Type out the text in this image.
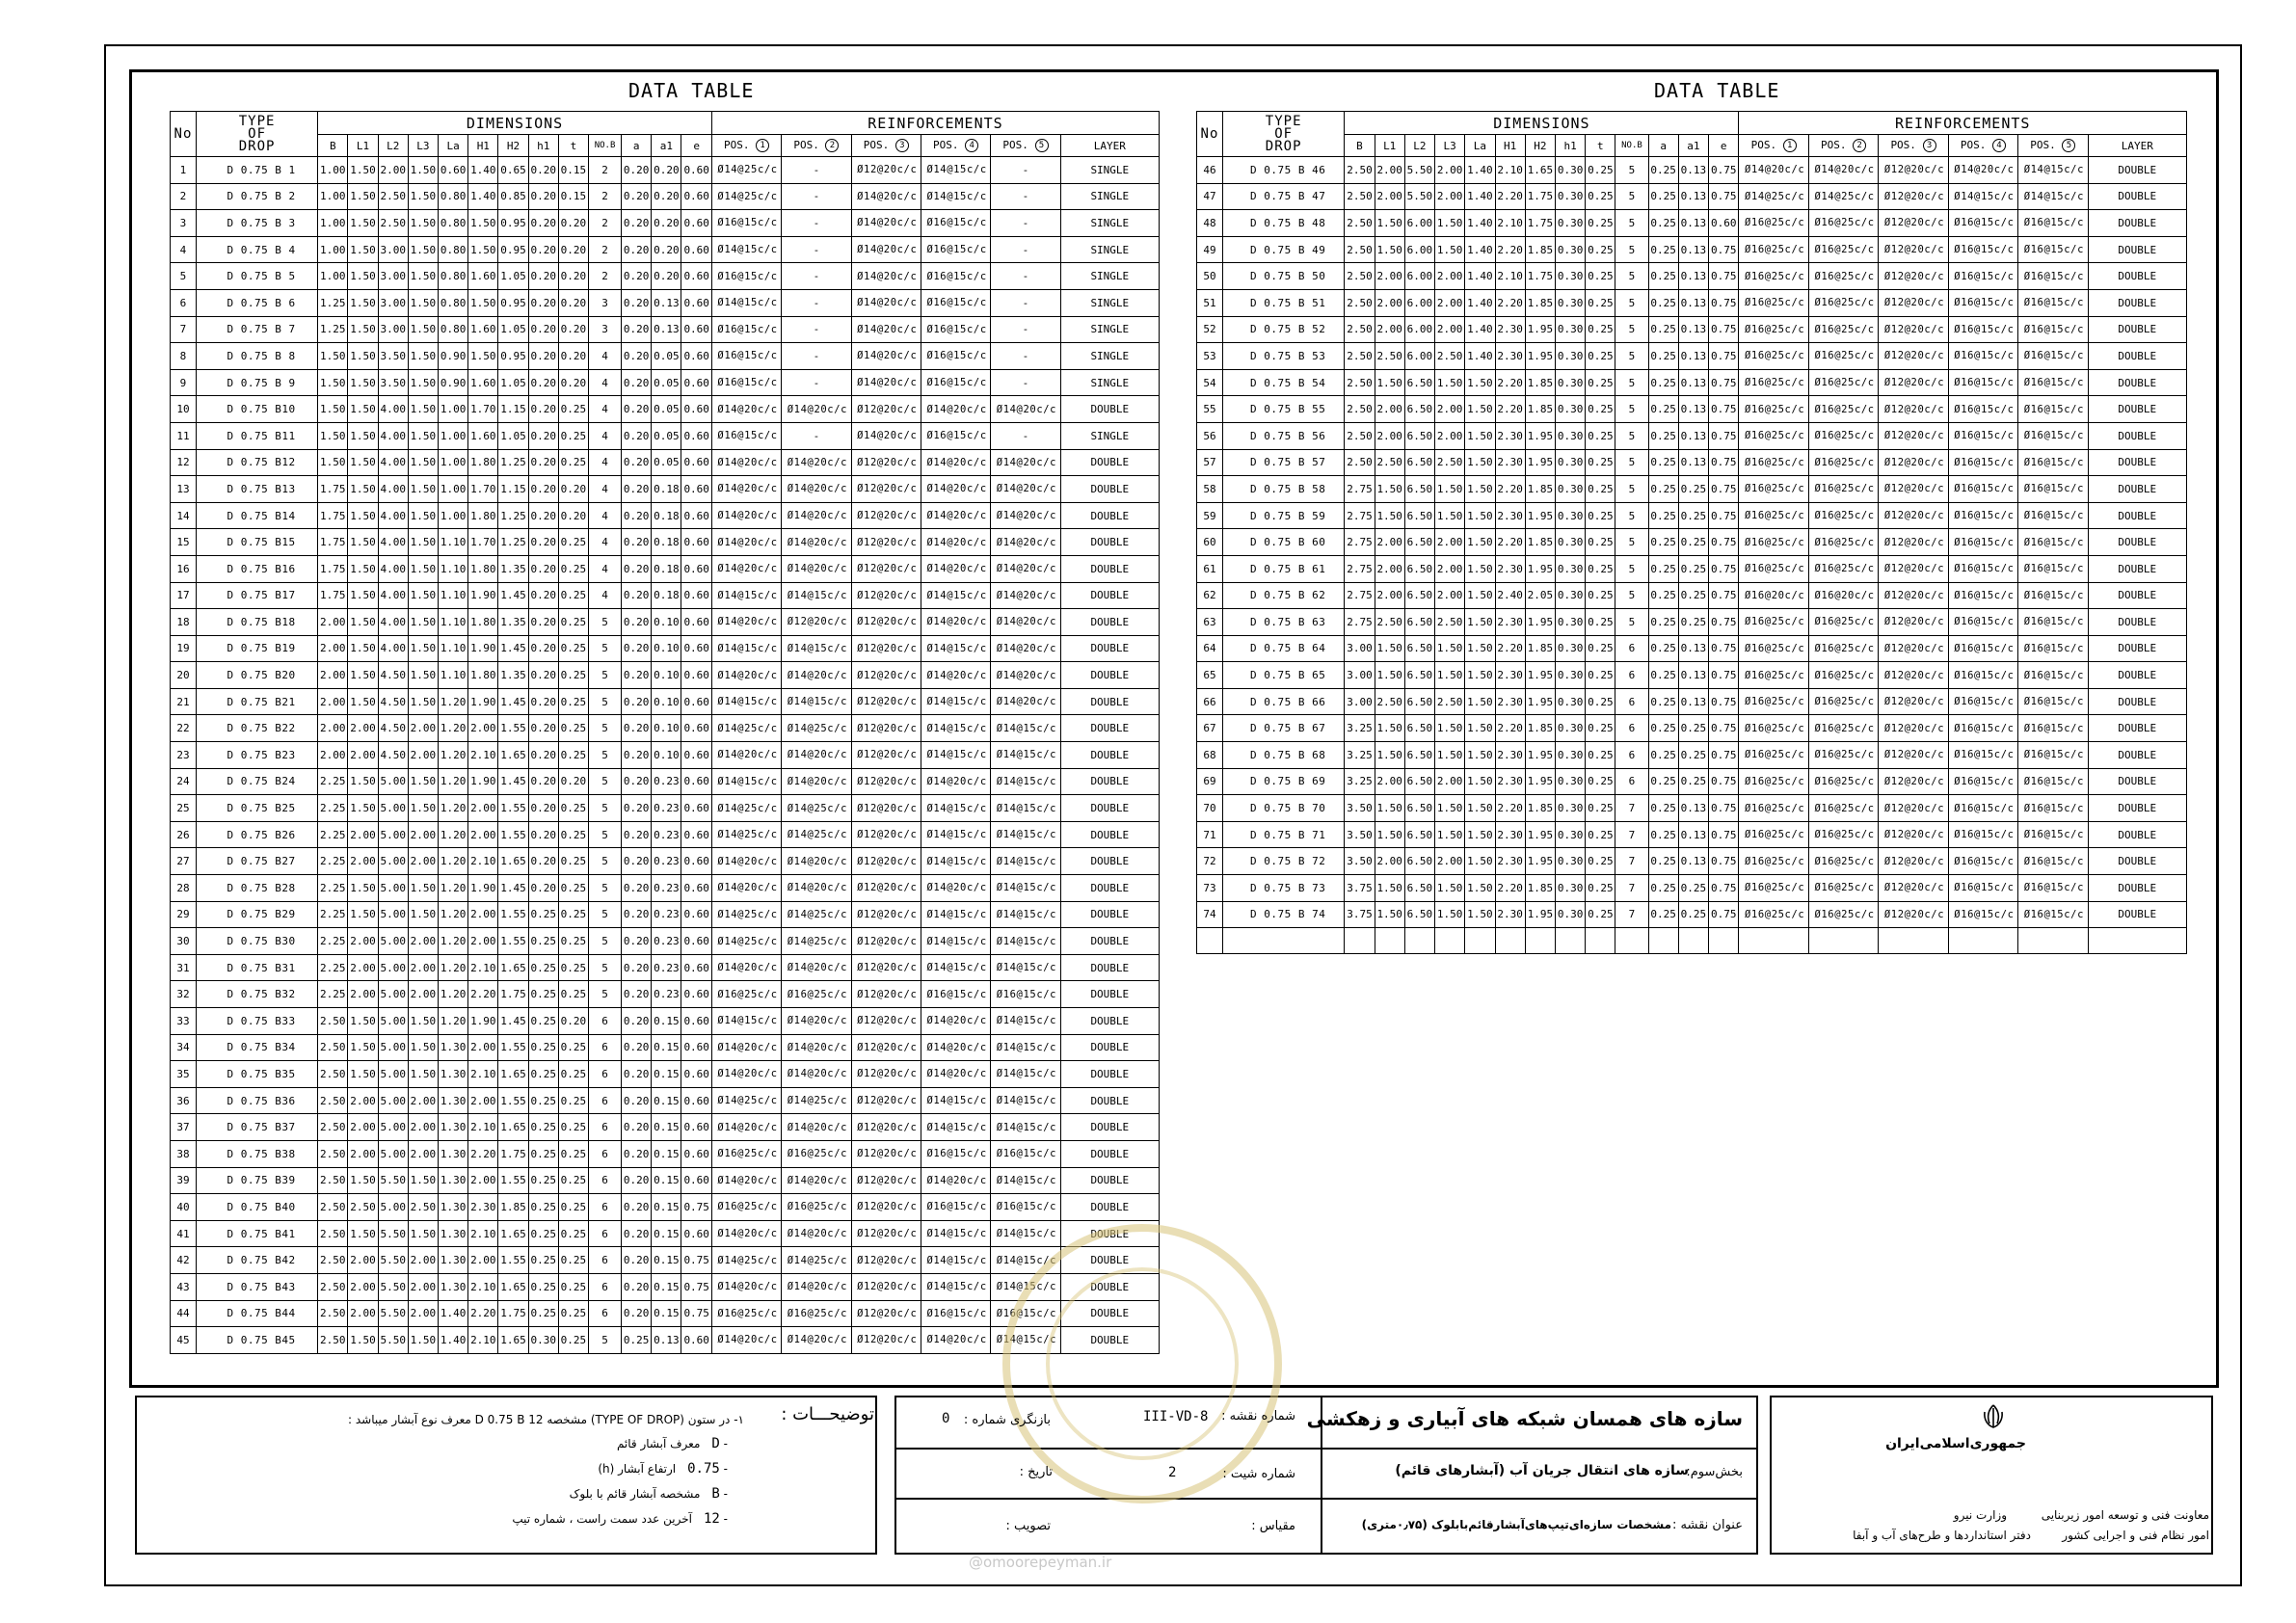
DATA TABLE	DATA TABLE
No	TYPE
OF
DROP	DIMENSIONS													REINFORCEMENTS					
		B	L1	L2	L3	La	H1	H2	h1	t	NO.B	a	a1	e	POS. 1	POS. 2	POS. 3	POS. 4	POS. 5	LAYER
1	D 0.75 B 1	1.00	1.50	2.00	1.50	0.60	1.40	0.65	0.20	0.15	2	0.20	0.20	0.60	Ø14@25c/c	-	Ø12@20c/c	Ø14@15c/c	-	SINGLE
2	D 0.75 B 2	1.00	1.50	2.50	1.50	0.80	1.40	0.85	0.20	0.15	2	0.20	0.20	0.60	Ø14@25c/c	-	Ø14@20c/c	Ø14@15c/c	-	SINGLE
3	D 0.75 B 3	1.00	1.50	2.50	1.50	0.80	1.50	0.95	0.20	0.20	2	0.20	0.20	0.60	Ø16@15c/c	-	Ø14@20c/c	Ø16@15c/c	-	SINGLE
4	D 0.75 B 4	1.00	1.50	3.00	1.50	0.80	1.50	0.95	0.20	0.20	2	0.20	0.20	0.60	Ø14@15c/c	-	Ø14@20c/c	Ø16@15c/c	-	SINGLE
5	D 0.75 B 5	1.00	1.50	3.00	1.50	0.80	1.60	1.05	0.20	0.20	2	0.20	0.20	0.60	Ø16@15c/c	-	Ø14@20c/c	Ø16@15c/c	-	SINGLE
6	D 0.75 B 6	1.25	1.50	3.00	1.50	0.80	1.50	0.95	0.20	0.20	3	0.20	0.13	0.60	Ø14@15c/c	-	Ø14@20c/c	Ø16@15c/c	-	SINGLE
7	D 0.75 B 7	1.25	1.50	3.00	1.50	0.80	1.60	1.05	0.20	0.20	3	0.20	0.13	0.60	Ø16@15c/c	-	Ø14@20c/c	Ø16@15c/c	-	SINGLE
8	D 0.75 B 8	1.50	1.50	3.50	1.50	0.90	1.50	0.95	0.20	0.20	4	0.20	0.05	0.60	Ø16@15c/c	-	Ø14@20c/c	Ø16@15c/c	-	SINGLE
9	D 0.75 B 9	1.50	1.50	3.50	1.50	0.90	1.60	1.05	0.20	0.20	4	0.20	0.05	0.60	Ø16@15c/c	-	Ø14@20c/c	Ø16@15c/c	-	SINGLE
10	D 0.75 B10	1.50	1.50	4.00	1.50	1.00	1.70	1.15	0.20	0.25	4	0.20	0.05	0.60	Ø14@20c/c	Ø14@20c/c	Ø12@20c/c	Ø14@20c/c	Ø14@20c/c	DOUBLE
11	D 0.75 B11	1.50	1.50	4.00	1.50	1.00	1.60	1.05	0.20	0.25	4	0.20	0.05	0.60	Ø16@15c/c	-	Ø14@20c/c	Ø16@15c/c	-	SINGLE
12	D 0.75 B12	1.50	1.50	4.00	1.50	1.00	1.80	1.25	0.20	0.25	4	0.20	0.05	0.60	Ø14@20c/c	Ø14@20c/c	Ø12@20c/c	Ø14@20c/c	Ø14@20c/c	DOUBLE
13	D 0.75 B13	1.75	1.50	4.00	1.50	1.00	1.70	1.15	0.20	0.20	4	0.20	0.18	0.60	Ø14@20c/c	Ø14@20c/c	Ø12@20c/c	Ø14@20c/c	Ø14@20c/c	DOUBLE
14	D 0.75 B14	1.75	1.50	4.00	1.50	1.00	1.80	1.25	0.20	0.20	4	0.20	0.18	0.60	Ø14@20c/c	Ø14@20c/c	Ø12@20c/c	Ø14@20c/c	Ø14@20c/c	DOUBLE
15	D 0.75 B15	1.75	1.50	4.00	1.50	1.10	1.70	1.25	0.20	0.25	4	0.20	0.18	0.60	Ø14@20c/c	Ø14@20c/c	Ø12@20c/c	Ø14@20c/c	Ø14@20c/c	DOUBLE
16	D 0.75 B16	1.75	1.50	4.00	1.50	1.10	1.80	1.35	0.20	0.25	4	0.20	0.18	0.60	Ø14@20c/c	Ø14@20c/c	Ø12@20c/c	Ø14@20c/c	Ø14@20c/c	DOUBLE
17	D 0.75 B17	1.75	1.50	4.00	1.50	1.10	1.90	1.45	0.20	0.25	4	0.20	0.18	0.60	Ø14@15c/c	Ø14@15c/c	Ø12@20c/c	Ø14@15c/c	Ø14@20c/c	DOUBLE
18	D 0.75 B18	2.00	1.50	4.00	1.50	1.10	1.80	1.35	0.20	0.25	5	0.20	0.10	0.60	Ø14@20c/c	Ø12@20c/c	Ø12@20c/c	Ø14@20c/c	Ø14@20c/c	DOUBLE
19	D 0.75 B19	2.00	1.50	4.00	1.50	1.10	1.90	1.45	0.20	0.25	5	0.20	0.10	0.60	Ø14@15c/c	Ø14@15c/c	Ø12@20c/c	Ø14@15c/c	Ø14@20c/c	DOUBLE
20	D 0.75 B20	2.00	1.50	4.50	1.50	1.10	1.80	1.35	0.20	0.25	5	0.20	0.10	0.60	Ø14@20c/c	Ø14@20c/c	Ø12@20c/c	Ø14@20c/c	Ø14@20c/c	DOUBLE
21	D 0.75 B21	2.00	1.50	4.50	1.50	1.20	1.90	1.45	0.20	0.25	5	0.20	0.10	0.60	Ø14@15c/c	Ø14@15c/c	Ø12@20c/c	Ø14@15c/c	Ø14@20c/c	DOUBLE
22	D 0.75 B22	2.00	2.00	4.50	2.00	1.20	2.00	1.55	0.20	0.25	5	0.20	0.10	0.60	Ø14@25c/c	Ø14@25c/c	Ø12@20c/c	Ø14@15c/c	Ø14@15c/c	DOUBLE
23	D 0.75 B23	2.00	2.00	4.50	2.00	1.20	2.10	1.65	0.20	0.25	5	0.20	0.10	0.60	Ø14@20c/c	Ø14@20c/c	Ø12@20c/c	Ø14@15c/c	Ø14@15c/c	DOUBLE
24	D 0.75 B24	2.25	1.50	5.00	1.50	1.20	1.90	1.45	0.20	0.20	5	0.20	0.23	0.60	Ø14@15c/c	Ø14@20c/c	Ø12@20c/c	Ø14@20c/c	Ø14@15c/c	DOUBLE
25	D 0.75 B25	2.25	1.50	5.00	1.50	1.20	2.00	1.55	0.20	0.25	5	0.20	0.23	0.60	Ø14@25c/c	Ø14@25c/c	Ø12@20c/c	Ø14@15c/c	Ø14@15c/c	DOUBLE
26	D 0.75 B26	2.25	2.00	5.00	2.00	1.20	2.00	1.55	0.20	0.25	5	0.20	0.23	0.60	Ø14@25c/c	Ø14@25c/c	Ø12@20c/c	Ø14@15c/c	Ø14@15c/c	DOUBLE
27	D 0.75 B27	2.25	2.00	5.00	2.00	1.20	2.10	1.65	0.20	0.25	5	0.20	0.23	0.60	Ø14@20c/c	Ø14@20c/c	Ø12@20c/c	Ø14@15c/c	Ø14@15c/c	DOUBLE
28	D 0.75 B28	2.25	1.50	5.00	1.50	1.20	1.90	1.45	0.20	0.25	5	0.20	0.23	0.60	Ø14@20c/c	Ø14@20c/c	Ø12@20c/c	Ø14@20c/c	Ø14@15c/c	DOUBLE
29	D 0.75 B29	2.25	1.50	5.00	1.50	1.20	2.00	1.55	0.25	0.25	5	0.20	0.23	0.60	Ø14@25c/c	Ø14@25c/c	Ø12@20c/c	Ø14@15c/c	Ø14@15c/c	DOUBLE
30	D 0.75 B30	2.25	2.00	5.00	2.00	1.20	2.00	1.55	0.25	0.25	5	0.20	0.23	0.60	Ø14@25c/c	Ø14@25c/c	Ø12@20c/c	Ø14@15c/c	Ø14@15c/c	DOUBLE
31	D 0.75 B31	2.25	2.00	5.00	2.00	1.20	2.10	1.65	0.25	0.25	5	0.20	0.23	0.60	Ø14@20c/c	Ø14@20c/c	Ø12@20c/c	Ø14@15c/c	Ø14@15c/c	DOUBLE
32	D 0.75 B32	2.25	2.00	5.00	2.00	1.20	2.20	1.75	0.25	0.25	5	0.20	0.23	0.60	Ø16@25c/c	Ø16@25c/c	Ø12@20c/c	Ø16@15c/c	Ø16@15c/c	DOUBLE
33	D 0.75 B33	2.50	1.50	5.00	1.50	1.20	1.90	1.45	0.25	0.20	6	0.20	0.15	0.60	Ø14@15c/c	Ø14@20c/c	Ø12@20c/c	Ø14@20c/c	Ø14@15c/c	DOUBLE
34	D 0.75 B34	2.50	1.50	5.00	1.50	1.30	2.00	1.55	0.25	0.25	6	0.20	0.15	0.60	Ø14@20c/c	Ø14@20c/c	Ø12@20c/c	Ø14@20c/c	Ø14@15c/c	DOUBLE
35	D 0.75 B35	2.50	1.50	5.00	1.50	1.30	2.10	1.65	0.25	0.25	6	0.20	0.15	0.60	Ø14@20c/c	Ø14@20c/c	Ø12@20c/c	Ø14@20c/c	Ø14@15c/c	DOUBLE
36	D 0.75 B36	2.50	2.00	5.00	2.00	1.30	2.00	1.55	0.25	0.25	6	0.20	0.15	0.60	Ø14@25c/c	Ø14@25c/c	Ø12@20c/c	Ø14@15c/c	Ø14@15c/c	DOUBLE
37	D 0.75 B37	2.50	2.00	5.00	2.00	1.30	2.10	1.65	0.25	0.25	6	0.20	0.15	0.60	Ø14@20c/c	Ø14@20c/c	Ø12@20c/c	Ø14@15c/c	Ø14@15c/c	DOUBLE
38	D 0.75 B38	2.50	2.00	5.00	2.00	1.30	2.20	1.75	0.25	0.25	6	0.20	0.15	0.60	Ø16@25c/c	Ø16@25c/c	Ø12@20c/c	Ø16@15c/c	Ø16@15c/c	DOUBLE
39	D 0.75 B39	2.50	1.50	5.50	1.50	1.30	2.00	1.55	0.25	0.25	6	0.20	0.15	0.60	Ø14@20c/c	Ø14@20c/c	Ø12@20c/c	Ø14@20c/c	Ø14@15c/c	DOUBLE
40	D 0.75 B40	2.50	2.50	5.00	2.50	1.30	2.30	1.85	0.25	0.25	6	0.20	0.15	0.75	Ø16@25c/c	Ø16@25c/c	Ø12@20c/c	Ø16@15c/c	Ø16@15c/c	DOUBLE
41	D 0.75 B41	2.50	1.50	5.50	1.50	1.30	2.10	1.65	0.25	0.25	6	0.20	0.15	0.60	Ø14@20c/c	Ø14@20c/c	Ø12@20c/c	Ø14@15c/c	Ø14@15c/c	DOUBLE
42	D 0.75 B42	2.50	2.00	5.50	2.00	1.30	2.00	1.55	0.25	0.25	6	0.20	0.15	0.75	Ø14@25c/c	Ø14@25c/c	Ø12@20c/c	Ø14@15c/c	Ø14@15c/c	DOUBLE
43	D 0.75 B43	2.50	2.00	5.50	2.00	1.30	2.10	1.65	0.25	0.25	6	0.20	0.15	0.75	Ø14@20c/c	Ø14@20c/c	Ø12@20c/c	Ø14@15c/c	Ø14@15c/c	DOUBLE
44	D 0.75 B44	2.50	2.00	5.50	2.00	1.40	2.20	1.75	0.25	0.25	6	0.20	0.15	0.75	Ø16@25c/c	Ø16@25c/c	Ø12@20c/c	Ø16@15c/c	Ø16@15c/c	DOUBLE
45	D 0.75 B45	2.50	1.50	5.50	1.50	1.40	2.10	1.65	0.30	0.25	5	0.25	0.13	0.60	Ø14@20c/c	Ø14@20c/c	Ø12@20c/c	Ø14@20c/c	Ø14@15c/c	DOUBLE
No	TYPE
OF
DROP	DIMENSIONS													REINFORCEMENTS					
		B	L1	L2	L3	La	H1	H2	h1	t	NO.B	a	a1	e	POS. 1	POS. 2	POS. 3	POS. 4	POS. 5	LAYER
46	D 0.75 B 46	2.50	2.00	5.50	2.00	1.40	2.10	1.65	0.30	0.25	5	0.25	0.13	0.75	Ø14@20c/c	Ø14@20c/c	Ø12@20c/c	Ø14@20c/c	Ø14@15c/c	DOUBLE
47	D 0.75 B 47	2.50	2.00	5.50	2.00	1.40	2.20	1.75	0.30	0.25	5	0.25	0.13	0.75	Ø14@25c/c	Ø14@25c/c	Ø12@20c/c	Ø14@15c/c	Ø14@15c/c	DOUBLE
48	D 0.75 B 48	2.50	1.50	6.00	1.50	1.40	2.10	1.75	0.30	0.25	5	0.25	0.13	0.60	Ø16@25c/c	Ø16@25c/c	Ø12@20c/c	Ø16@15c/c	Ø16@15c/c	DOUBLE
49	D 0.75 B 49	2.50	1.50	6.00	1.50	1.40	2.20	1.85	0.30	0.25	5	0.25	0.13	0.75	Ø16@25c/c	Ø16@25c/c	Ø12@20c/c	Ø16@15c/c	Ø16@15c/c	DOUBLE
50	D 0.75 B 50	2.50	2.00	6.00	2.00	1.40	2.10	1.75	0.30	0.25	5	0.25	0.13	0.75	Ø16@25c/c	Ø16@25c/c	Ø12@20c/c	Ø16@15c/c	Ø16@15c/c	DOUBLE
51	D 0.75 B 51	2.50	2.00	6.00	2.00	1.40	2.20	1.85	0.30	0.25	5	0.25	0.13	0.75	Ø16@25c/c	Ø16@25c/c	Ø12@20c/c	Ø16@15c/c	Ø16@15c/c	DOUBLE
52	D 0.75 B 52	2.50	2.00	6.00	2.00	1.40	2.30	1.95	0.30	0.25	5	0.25	0.13	0.75	Ø16@25c/c	Ø16@25c/c	Ø12@20c/c	Ø16@15c/c	Ø16@15c/c	DOUBLE
53	D 0.75 B 53	2.50	2.50	6.00	2.50	1.40	2.30	1.95	0.30	0.25	5	0.25	0.13	0.75	Ø16@25c/c	Ø16@25c/c	Ø12@20c/c	Ø16@15c/c	Ø16@15c/c	DOUBLE
54	D 0.75 B 54	2.50	1.50	6.50	1.50	1.50	2.20	1.85	0.30	0.25	5	0.25	0.13	0.75	Ø16@25c/c	Ø16@25c/c	Ø12@20c/c	Ø16@15c/c	Ø16@15c/c	DOUBLE
55	D 0.75 B 55	2.50	2.00	6.50	2.00	1.50	2.20	1.85	0.30	0.25	5	0.25	0.13	0.75	Ø16@25c/c	Ø16@25c/c	Ø12@20c/c	Ø16@15c/c	Ø16@15c/c	DOUBLE
56	D 0.75 B 56	2.50	2.00	6.50	2.00	1.50	2.30	1.95	0.30	0.25	5	0.25	0.13	0.75	Ø16@25c/c	Ø16@25c/c	Ø12@20c/c	Ø16@15c/c	Ø16@15c/c	DOUBLE
57	D 0.75 B 57	2.50	2.50	6.50	2.50	1.50	2.30	1.95	0.30	0.25	5	0.25	0.13	0.75	Ø16@25c/c	Ø16@25c/c	Ø12@20c/c	Ø16@15c/c	Ø16@15c/c	DOUBLE
58	D 0.75 B 58	2.75	1.50	6.50	1.50	1.50	2.20	1.85	0.30	0.25	5	0.25	0.25	0.75	Ø16@25c/c	Ø16@25c/c	Ø12@20c/c	Ø16@15c/c	Ø16@15c/c	DOUBLE
59	D 0.75 B 59	2.75	1.50	6.50	1.50	1.50	2.30	1.95	0.30	0.25	5	0.25	0.25	0.75	Ø16@25c/c	Ø16@25c/c	Ø12@20c/c	Ø16@15c/c	Ø16@15c/c	DOUBLE
60	D 0.75 B 60	2.75	2.00	6.50	2.00	1.50	2.20	1.85	0.30	0.25	5	0.25	0.25	0.75	Ø16@25c/c	Ø16@25c/c	Ø12@20c/c	Ø16@15c/c	Ø16@15c/c	DOUBLE
61	D 0.75 B 61	2.75	2.00	6.50	2.00	1.50	2.30	1.95	0.30	0.25	5	0.25	0.25	0.75	Ø16@25c/c	Ø16@25c/c	Ø12@20c/c	Ø16@15c/c	Ø16@15c/c	DOUBLE
62	D 0.75 B 62	2.75	2.00	6.50	2.00	1.50	2.40	2.05	0.30	0.25	5	0.25	0.25	0.75	Ø16@20c/c	Ø16@20c/c	Ø12@20c/c	Ø16@15c/c	Ø16@15c/c	DOUBLE
63	D 0.75 B 63	2.75	2.50	6.50	2.50	1.50	2.30	1.95	0.30	0.25	5	0.25	0.25	0.75	Ø16@25c/c	Ø16@25c/c	Ø12@20c/c	Ø16@15c/c	Ø16@15c/c	DOUBLE
64	D 0.75 B 64	3.00	1.50	6.50	1.50	1.50	2.20	1.85	0.30	0.25	6	0.25	0.13	0.75	Ø16@25c/c	Ø16@25c/c	Ø12@20c/c	Ø16@15c/c	Ø16@15c/c	DOUBLE
65	D 0.75 B 65	3.00	1.50	6.50	1.50	1.50	2.30	1.95	0.30	0.25	6	0.25	0.13	0.75	Ø16@25c/c	Ø16@25c/c	Ø12@20c/c	Ø16@15c/c	Ø16@15c/c	DOUBLE
66	D 0.75 B 66	3.00	2.50	6.50	2.50	1.50	2.30	1.95	0.30	0.25	6	0.25	0.13	0.75	Ø16@25c/c	Ø16@25c/c	Ø12@20c/c	Ø16@15c/c	Ø16@15c/c	DOUBLE
67	D 0.75 B 67	3.25	1.50	6.50	1.50	1.50	2.20	1.85	0.30	0.25	6	0.25	0.25	0.75	Ø16@25c/c	Ø16@25c/c	Ø12@20c/c	Ø16@15c/c	Ø16@15c/c	DOUBLE
68	D 0.75 B 68	3.25	1.50	6.50	1.50	1.50	2.30	1.95	0.30	0.25	6	0.25	0.25	0.75	Ø16@25c/c	Ø16@25c/c	Ø12@20c/c	Ø16@15c/c	Ø16@15c/c	DOUBLE
69	D 0.75 B 69	3.25	2.00	6.50	2.00	1.50	2.30	1.95	0.30	0.25	6	0.25	0.25	0.75	Ø16@25c/c	Ø16@25c/c	Ø12@20c/c	Ø16@15c/c	Ø16@15c/c	DOUBLE
70	D 0.75 B 70	3.50	1.50	6.50	1.50	1.50	2.20	1.85	0.30	0.25	7	0.25	0.13	0.75	Ø16@25c/c	Ø16@25c/c	Ø12@20c/c	Ø16@15c/c	Ø16@15c/c	DOUBLE
71	D 0.75 B 71	3.50	1.50	6.50	1.50	1.50	2.30	1.95	0.30	0.25	7	0.25	0.13	0.75	Ø16@25c/c	Ø16@25c/c	Ø12@20c/c	Ø16@15c/c	Ø16@15c/c	DOUBLE
72	D 0.75 B 72	3.50	2.00	6.50	2.00	1.50	2.30	1.95	0.30	0.25	7	0.25	0.13	0.75	Ø16@25c/c	Ø16@25c/c	Ø12@20c/c	Ø16@15c/c	Ø16@15c/c	DOUBLE
73	D 0.75 B 73	3.75	1.50	6.50	1.50	1.50	2.20	1.85	0.30	0.25	7	0.25	0.25	0.75	Ø16@25c/c	Ø16@25c/c	Ø12@20c/c	Ø16@15c/c	Ø16@15c/c	DOUBLE
74	D 0.75 B 74	3.75	1.50	6.50	1.50	1.50	2.30	1.95	0.30	0.25	7	0.25	0.25	0.75	Ø16@25c/c	Ø16@25c/c	Ø12@20c/c	Ø16@15c/c	Ø16@15c/c	DOUBLE

توضیحـــات :
۱- در ستون (TYPE OF DROP) مشخصه D 0.75 B 12 معرف نوع آبشار میباشد :
- Dمعرف آبشار قائم
- 0.75ارتفاع آبشار (h)
- Bمشخصه آبشار قائم با بلوک
- 12آخرین عدد سمت راست ، شماره تیپ
سازه های همسان شبکه های آبیاری و زهکشی
بخش‌سوم:
سازه های انتقال جریان آب (آبشارهای قائم)
عنوان نقشه :
مشخصات سازه‌ای‌تیپ‌های‌آبشارقائم‌بابلوک (۰٫۷۵متری)
شماره نقشه :
III-VD-8
بازنگری شماره :
0
شماره شیت :
2
تاریخ :
مقیاس :
تصویب :
@omoorepeyman.ir
جمهوری‌اسلامی‌ایران
معاونت فنی و توسعه امور زیربنایی
وزارت نیرو
امور نظام فنی و اجرایی کشور
دفتر استانداردها و طرح‌های آب و آبفا
